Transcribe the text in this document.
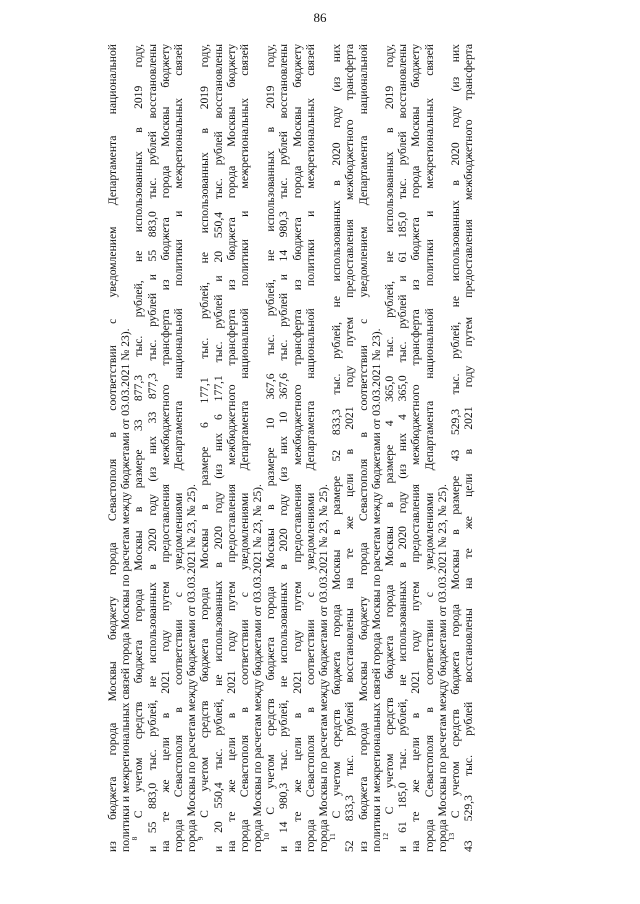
86
из бюджета города Москвы бюджету города Севастополя в соответствии с уведомлением Департамента национальной политики и межрегиональных связей города Москвы по расчетам между бюджетами от 03.03.2021 № 23).
 $^8$ С учетом средств бюджета города Москвы в размере 33 877,3 тыс. рублей, не использованных в 2019 году, и 55 883,0 тыс. рублей, не использованных в 2020 году (из них 33 877,3 тыс. рублей и 55 883,0 тыс. рублей восстановлены на те же цели в 2021 году путем предоставления межбюджетного трансферта из бюджета города Москвы бюджету города Севастополя в соответствии с уведомлениями Департамента национальной политики и межрегиональных связей города Москвы по расчетам между бюджетами от 03.03.2021 № 23, № 25).
 $^9$ С учетом средств бюджета города Москвы в размере 6 177,1 тыс. рублей, не использованных в 2019 году, и 20 550,4 тыс. рублей, не использованных в 2020 году (из них 6 177,1 тыс. рублей и 20 550,4 тыс. рублей восстановлены на те же цели в 2021 году путем предоставления межбюджетного трансферта из бюджета города Москвы бюджету города Севастополя в соответствии с уведомлениями Департамента национальной политики и межрегиональных связей города Москвы по расчетам между бюджетами от 03.03.2021 № 23, № 25).
 $^{10}$ С учетом средств бюджета города Москвы в размере 10 367,6 тыс. рублей, не использованных в 2019 году, и 14 980,3 тыс. рублей, не использованных в 2020 году (из них 10 367,6 тыс. рублей и 14 980,3 тыс. рублей восстановлены на те же цели в 2021 году путем предоставления межбюджетного трансферта из бюджета города Москвы бюджету города Севастополя в соответствии с уведомлениями Департамента национальной политики и межрегиональных связей города Москвы по расчетам между бюджетами от 03.03.2021 № 23, № 25).
 $^{11}$ С учетом средств бюджета города Москвы в размере 52 833,3 тыс. рублей, не использованных в 2020 году (из них 52 833,3 тыс. рублей восстановлены на те же цели в 2021 году путем предоставления межбюджетного трансферта из бюджета города Москвы бюджету города Севастополя в соответствии с уведомлением Департамента национальной политики и межрегиональных связей города Москвы по расчетам между бюджетами от 03.03.2021 № 23).
 $^{12}$ С учетом средств бюджета города Москвы в размере 4 365,0 тыс. рублей, не использованных в 2019 году, и 61 185,0 тыс. рублей, не использованных в 2020 году (из них 4 365,0 тыс. рублей и 61 185,0 тыс. рублей восстановлены на те же цели в 2021 году путем предоставления межбюджетного трансферта из бюджета города Москвы бюджету города Севастополя в соответствии с уведомлениями Департамента национальной политики и межрегиональных связей города Москвы по расчетам между бюджетами от 03.03.2021 № 23, № 25).
 $^{13}$ С учетом средств бюджета города Москвы в размере 43 529,3 тыс. рублей, не использованных в 2020 году (из них 43 529,3 тыс. рублей восстановлены на те же цели в 2021 году путем предоставления межбюджетного трансферта
